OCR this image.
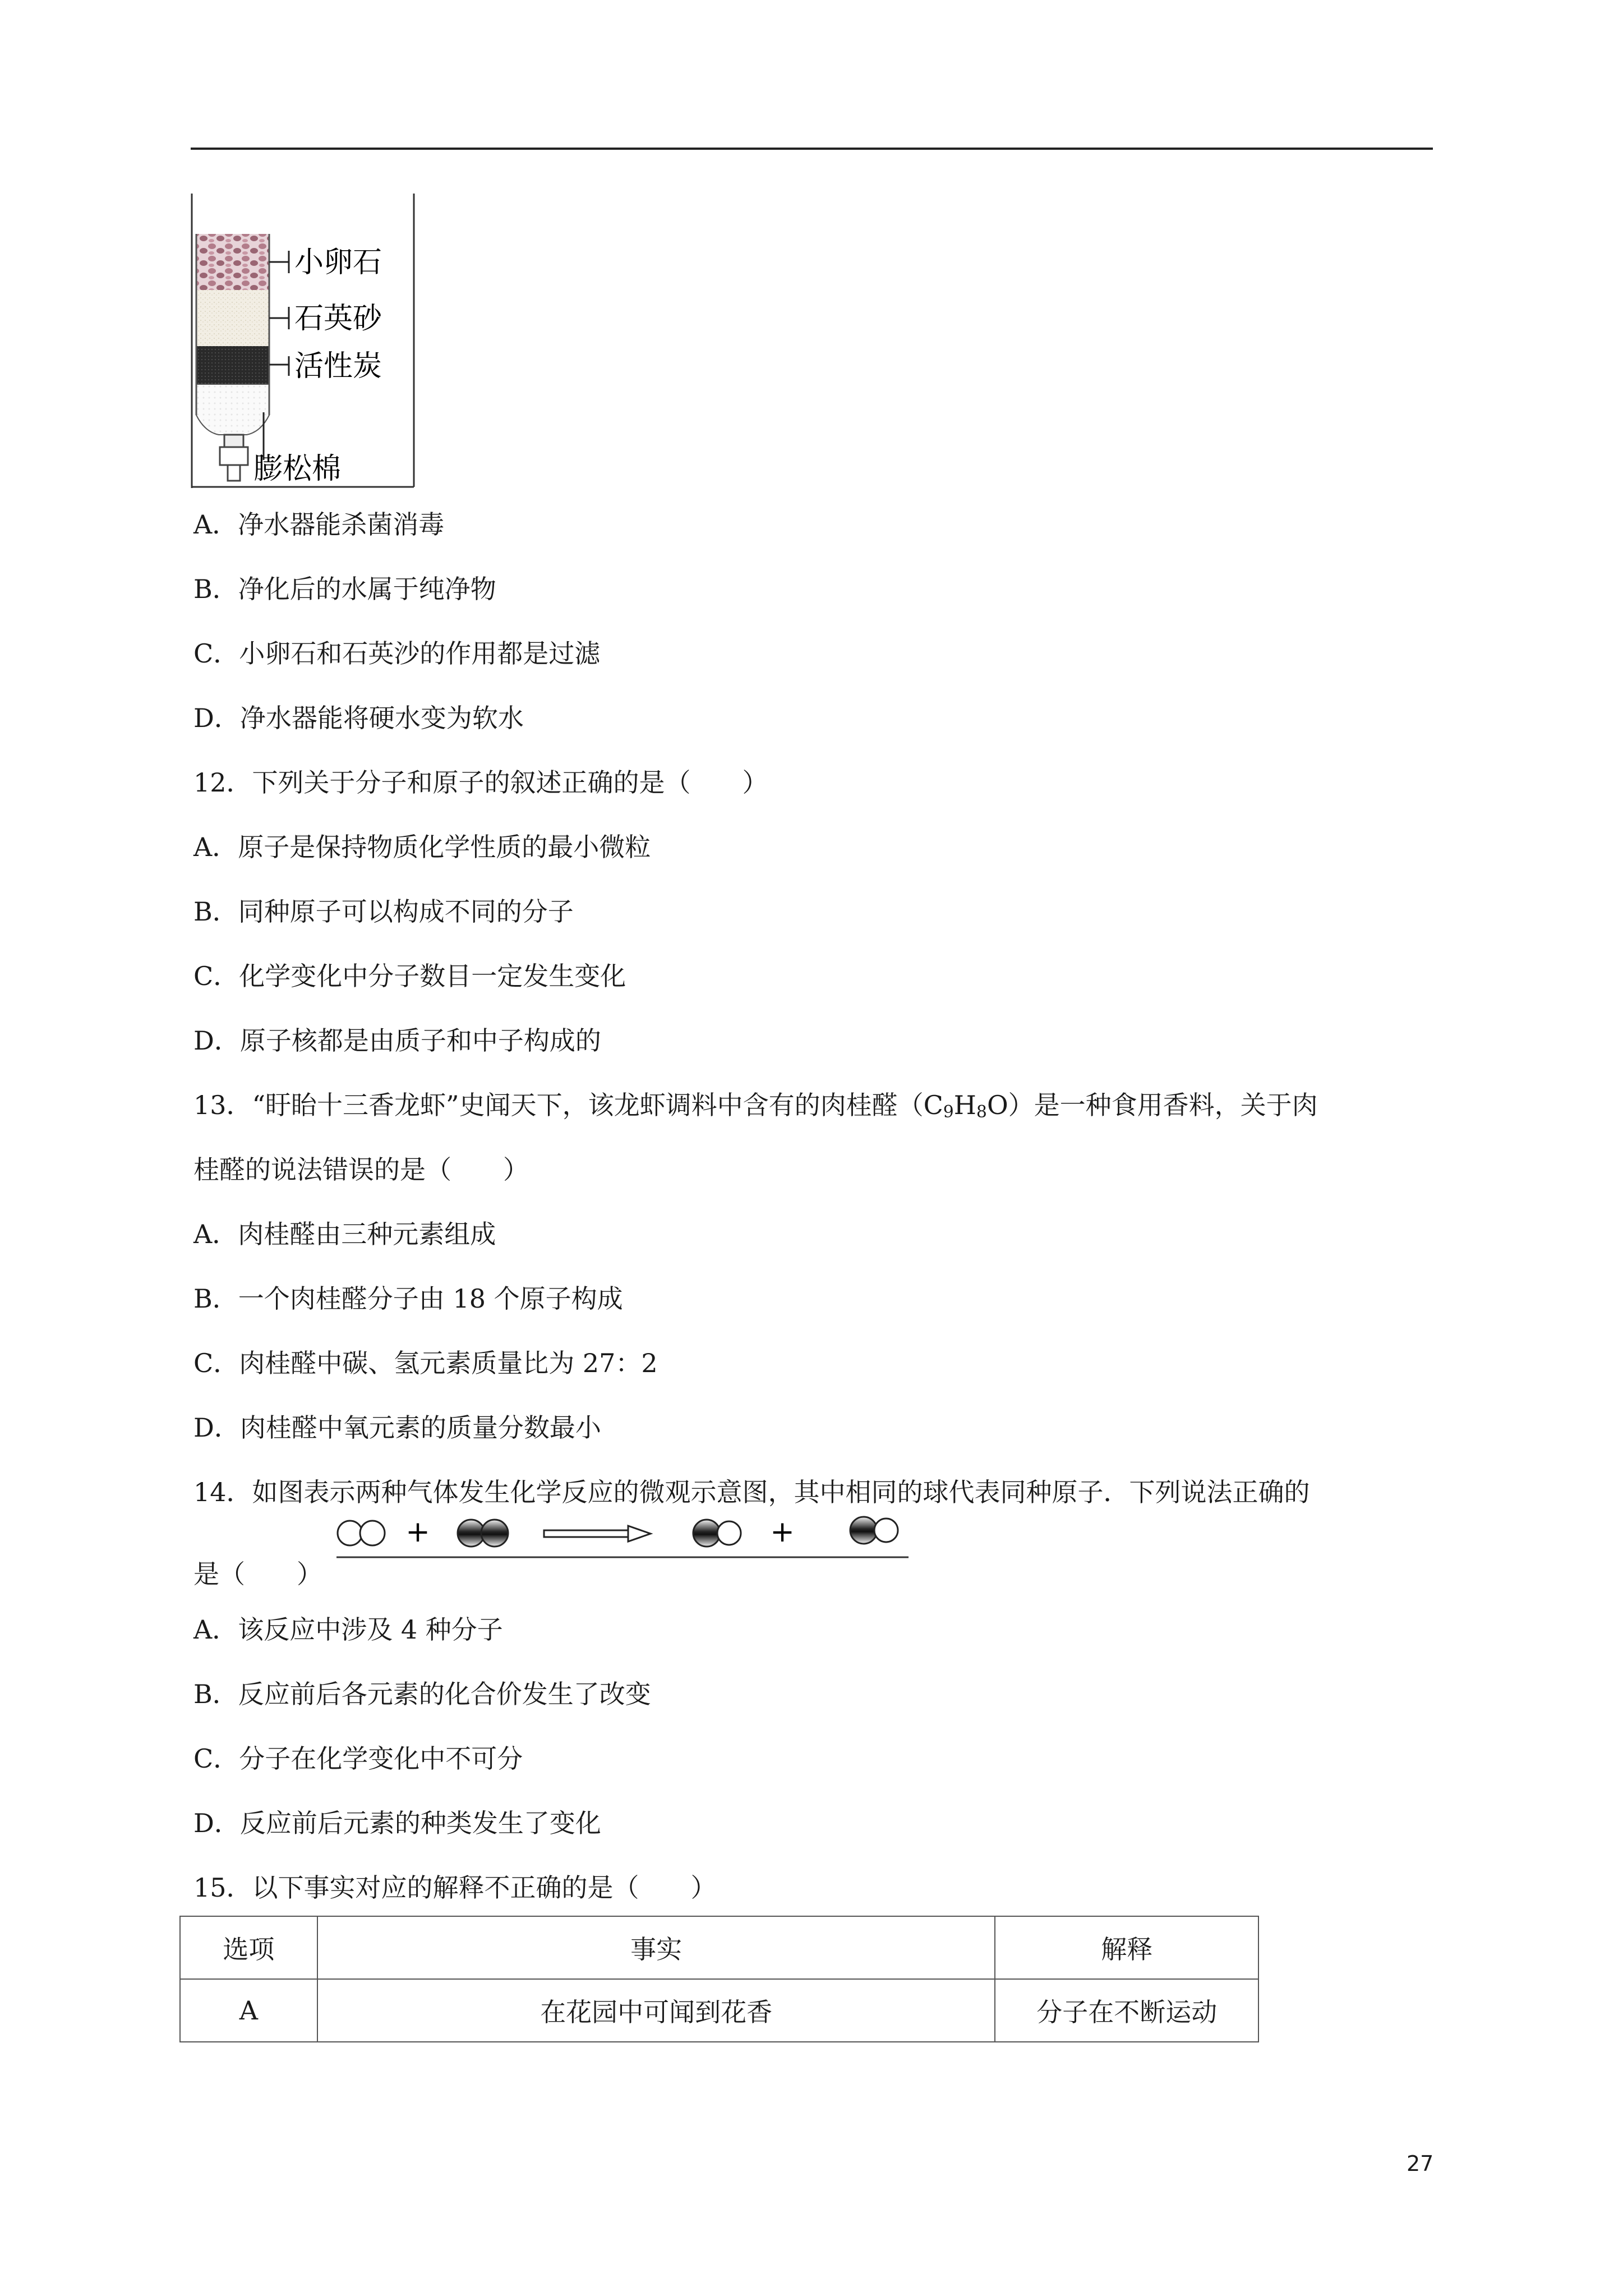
小卵石
石英砂
活性炭
膨松棉

A．净水器能杀菌消毒

B．净化后的水属于纯净物

C．小卵石和石英沙的作用都是过滤

D．净水器能将硬水变为软水

12．下列关于分子和原子的叙述正确的是（　　）

A．原子是保持物质化学性质的最小微粒

B．同种原子可以构成不同的分子

C．化学变化中分子数目一定发生变化

D．原子核都是由质子和中子构成的

13．“盱眙十三香龙虾”史闻天下，该龙虾调料中含有的肉桂醛$(C_9H_8O)$是一种食用香料，关于肉

桂醛的说法错误的是（　　）

A．肉桂醛由三种元素组成

B．一个肉桂醛分子由 18 个原子构成

C．肉桂醛中碳、氢元素质量比为 27：2

D．肉桂醛中氧元素的质量分数最小

14．如图表示两种气体发生化学反应的微观示意图，其中相同的球代表同种原子．下列说法正确的

是（　　）

+	+

A．该反应中涉及 4 种分子

B．反应前后各元素的化合价发生了改变

C．分子在化学变化中不可分

D．反应前后元素的种类发生了变化

15．以下事实对应的解释不正确的是（　　）

选项	事实	解释
A	在花园中可闻到花香	分子在不断运动
27
